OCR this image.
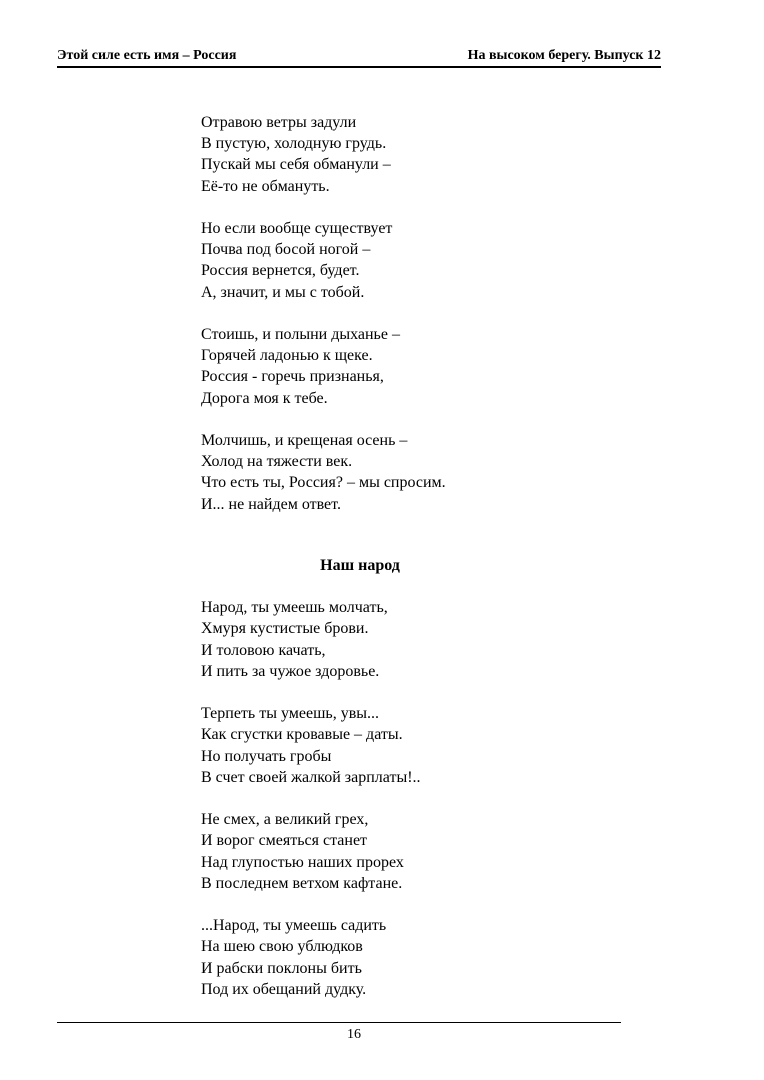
Этой силе есть имя – Россия	На высоком берегу. Выпуск 12
Отравою ветры задули
В пустую, холодную грудь.
Пускай мы себя обманули –
Её-то не обмануть.
Но если вообще существует
Почва под босой ногой –
Россия вернется, будет.
А, значит, и мы с тобой.
Стоишь, и полыни дыханье –
Горячей ладонью к щеке.
Россия - горечь признанья,
Дорога моя к тебе.
Молчишь, и крещеная осень –
Холод на тяжести век.
Что есть ты, Россия? – мы спросим.
И... не найдем ответ.
Наш народ
Народ, ты умеешь молчать,
Хмуря кустистые брови.
И толовою качать,
И пить за чужое здоровье.
Терпеть ты умеешь, увы...
Как сгустки кровавые – даты.
Но получать гробы
В счет своей жалкой зарплаты!..
Не смех, а великий грех,
И ворог смеяться станет
Над глупостью наших прорех
В последнем ветхом кафтане.
...Народ, ты умеешь садить
На шею свою ублюдков
И рабски поклоны бить
Под их обещаний дудку.
16
